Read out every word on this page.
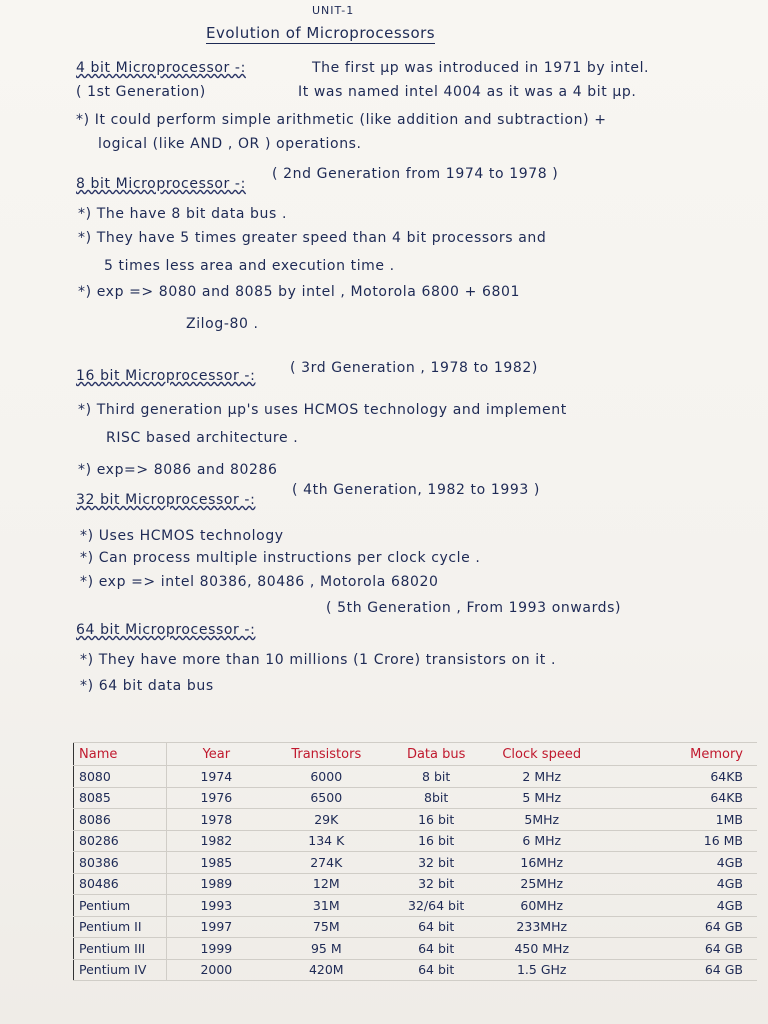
UNIT-1
Evolution of Microprocessors
4 bit Microprocessor -:	The first μp was introduced in 1971 by intel.
( 1st Generation)	It was named intel 4004 as it was a 4 bit μp.
*) It could perform simple arithmetic (like addition and subtraction) +
logical (like AND , OR ) operations.
8 bit Microprocessor -:
( 2nd Generation from 1974 to 1978 )
*) The have 8 bit data bus .
*) They have 5 times greater speed than 4 bit processors and
5 times less area and execution time .
*) exp => 8080 and 8085 by intel , Motorola 6800 + 6801
Zilog-80 .
16 bit Microprocessor -: ( 3rd Generation , 1978 to 1982)
*) Third generation μp's uses HCMOS technology and implement
RISC based architecture .
*) exp=> 8086 and 80286
32 bit Microprocessor -:
( 4th Generation, 1982 to 1993 )
*) Uses HCMOS technology
*) Can process multiple instructions per clock cycle .
*) exp => intel 80386, 80486 , Motorola 68020
64 bit Microprocessor -:
( 5th Generation , From 1993 onwards)
*) They have more than 10 millions (1 Crore) transistors on it .
*) 64 bit data bus
Name	Year	Transistors	Data bus	Clock speed	Memory
8080	1974	6000	8 bit	2 MHz	64KB
8085	1976	6500	8bit	5 MHz	64KB
8086	1978	29K	16 bit	5MHz	1MB
80286	1982	134 K	16 bit	6 MHz	16 MB
80386	1985	274K	32 bit	16MHz	4GB
80486	1989	12M	32 bit	25MHz	4GB
Pentium	1993	31M	32/64 bit	60MHz	4GB
Pentium II	1997	75M	64 bit	233MHz	64 GB
Pentium III	1999	95 M	64 bit	450 MHz	64 GB
Pentium IV	2000	420M	64 bit	1.5 GHz	64 GB
